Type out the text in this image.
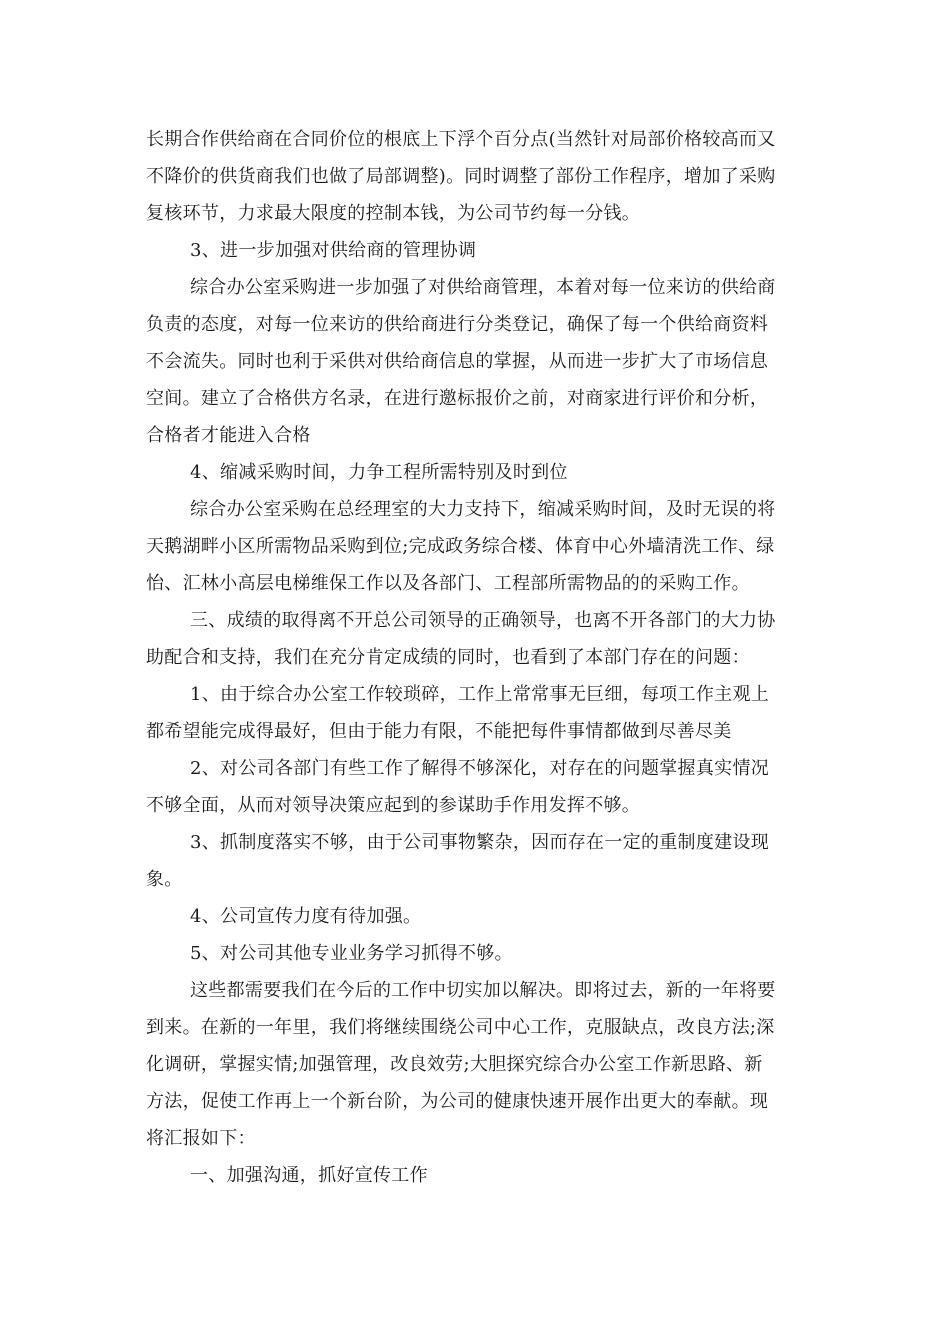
长期合作供给商在合同价位的根底上下浮个百分点(当然针对局部价格较高而又
不降价的供货商我们也做了局部调整)。同时调整了部份工作程序，增加了采购
复核环节，力求最大限度的控制本钱，为公司节约每一分钱。
3、进一步加强对供给商的管理协调
综合办公室采购进一步加强了对供给商管理，本着对每一位来访的供给商
负责的态度，对每一位来访的供给商进行分类登记，确保了每一个供给商资料
不会流失。同时也利于采供对供给商信息的掌握，从而进一步扩大了市场信息
空间。建立了合格供方名录，在进行邀标报价之前，对商家进行评价和分析，
合格者才能进入合格
4、缩减采购时间，力争工程所需特别及时到位
综合办公室采购在总经理室的大力支持下，缩减采购时间，及时无误的将
天鹅湖畔小区所需物品采购到位;完成政务综合楼、体育中心外墙清洗工作、绿
怡、汇林小高层电梯维保工作以及各部门、工程部所需物品的的采购工作。
三、成绩的取得离不开总公司领导的正确领导，也离不开各部门的大力协
助配合和支持，我们在充分肯定成绩的同时，也看到了本部门存在的问题：
1、由于综合办公室工作较琐碎，工作上常常事无巨细，每项工作主观上
都希望能完成得最好，但由于能力有限，不能把每件事情都做到尽善尽美
2、对公司各部门有些工作了解得不够深化，对存在的问题掌握真实情况
不够全面，从而对领导决策应起到的参谋助手作用发挥不够。
3、抓制度落实不够，由于公司事物繁杂，因而存在一定的重制度建设现
象。
4、公司宣传力度有待加强。
5、对公司其他专业业务学习抓得不够。
这些都需要我们在今后的工作中切实加以解决。即将过去，新的一年将要
到来。在新的一年里，我们将继续围绕公司中心工作，克服缺点，改良方法;深
化调研，掌握实情;加强管理，改良效劳;大胆探究综合办公室工作新思路、新
方法，促使工作再上一个新台阶，为公司的健康快速开展作出更大的奉献。现
将汇报如下：
一、加强沟通，抓好宣传工作
